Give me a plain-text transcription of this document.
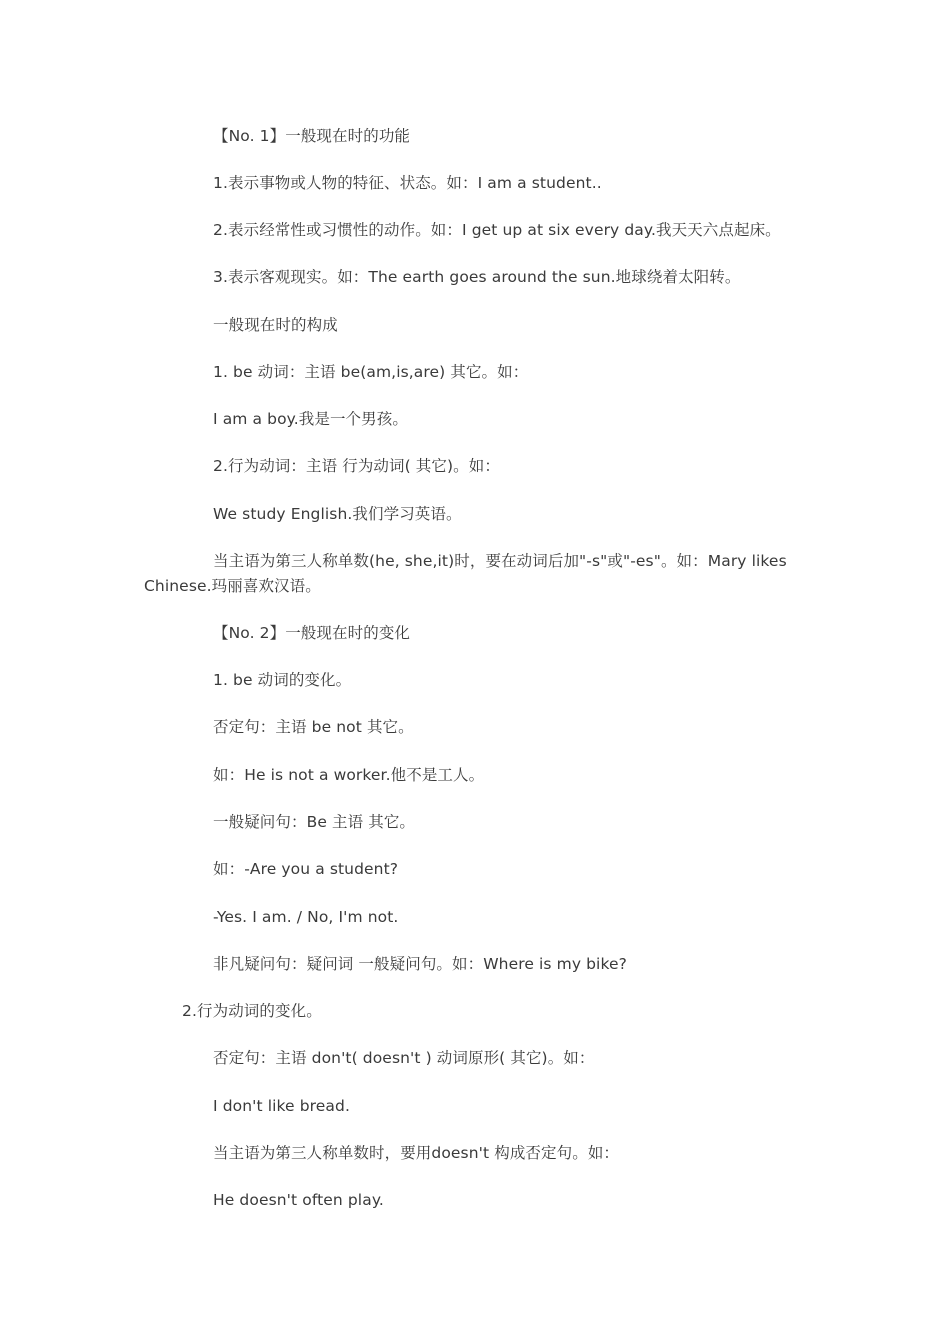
【No. 1】一般现在时的功能
1.表示事物或人物的特征、状态。如：I am a student..
2.表示经常性或习惯性的动作。如：I get up at six every day.我天天六点起床。
3.表示客观现实。如：The earth goes around the sun.地球绕着太阳转。
一般现在时的构成
1. be 动词：主语 be(am,is,are) 其它。如：
I am a boy.我是一个男孩。
2.行为动词：主语 行为动词( 其它)。如：
We study English.我们学习英语。
当主语为第三人称单数(he, she,it)时，要在动词后加"-s"或"-es"。如：Mary likes Chinese.玛丽喜欢汉语。
【No. 2】一般现在时的变化
1. be 动词的变化。
否定句：主语 be not 其它。
如：He is not a worker.他不是工人。
一般疑问句：Be 主语 其它。
如：-Are you a student?
-Yes. I am. / No, I'm not.
非凡疑问句：疑问词 一般疑问句。如：Where is my bike?
2.行为动词的变化。
否定句：主语 don't( doesn't ) 动词原形( 其它)。如：
I don't like bread.
当主语为第三人称单数时，要用doesn't 构成否定句。如：
He doesn't often play.
